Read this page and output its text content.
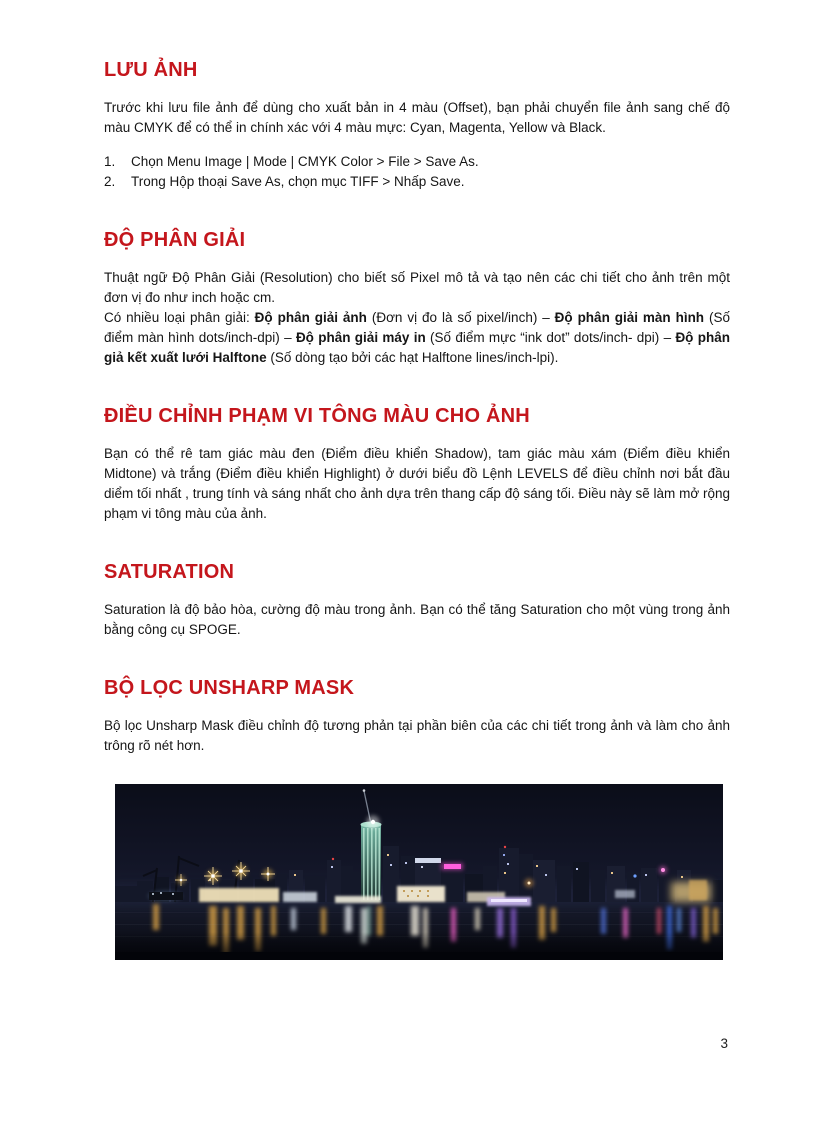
LƯU ẢNH

Trước khi lưu file ảnh để dùng cho xuất bản in 4 màu (Offset), bạn phải chuyển file ảnh sang chế độ màu CMYK để có thể in chính xác với 4 màu mực: Cyan, Magenta, Yellow và Black.

1.	Chọn Menu Image | Mode | CMYK Color > File > Save As.
2.	Trong Hộp thoại Save As, chọn mục TIFF > Nhấp Save.
ĐỘ PHÂN GIẢI

Thuật ngữ Độ Phân Giải (Resolution) cho biết số Pixel mô tả và tạo nên các chi tiết cho ảnh trên một đơn vị đo như inch hoặc cm.

Có nhiều loại phân giải: Độ phân giải ảnh (Đơn vị đo là số pixel/inch) – Độ phân giải màn hình (Số điểm màn hình dots/inch-dpi) – Độ phân giải máy in (Số điểm mực “ink dot” dots/inch- dpi) – Độ phân giả kết xuất lưới Halftone (Số dòng tạo bởi các hạt Halftone lines/inch-lpi).

ĐIỀU CHỈNH PHẠM VI TÔNG MÀU CHO ẢNH

Bạn có thể rê tam giác màu đen (Điểm điều khiển Shadow), tam giác màu xám (Điểm điều khiển Midtone) và trắng (Điểm điều khiển Highlight) ở dưới biểu đồ Lệnh LEVELS để điều chỉnh nơi bắt đầu diểm tối nhất , trung tính và sáng nhất cho ảnh dựa trên thang cấp độ sáng tối. Điều này sẽ làm mở rộng phạm vi tông màu của ảnh.

SATURATION

Saturation là độ bảo hòa, cường độ màu trong ảnh. Bạn có thể tăng Saturation cho một vùng trong ảnh bằng công cụ SPOGE.

BỘ LỌC UNSHARP MASK

Bộ lọc Unsharp Mask điều chỉnh độ tương phản tại phần biên của các chi tiết trong ảnh và làm cho ảnh trông rõ nét hơn.

3
